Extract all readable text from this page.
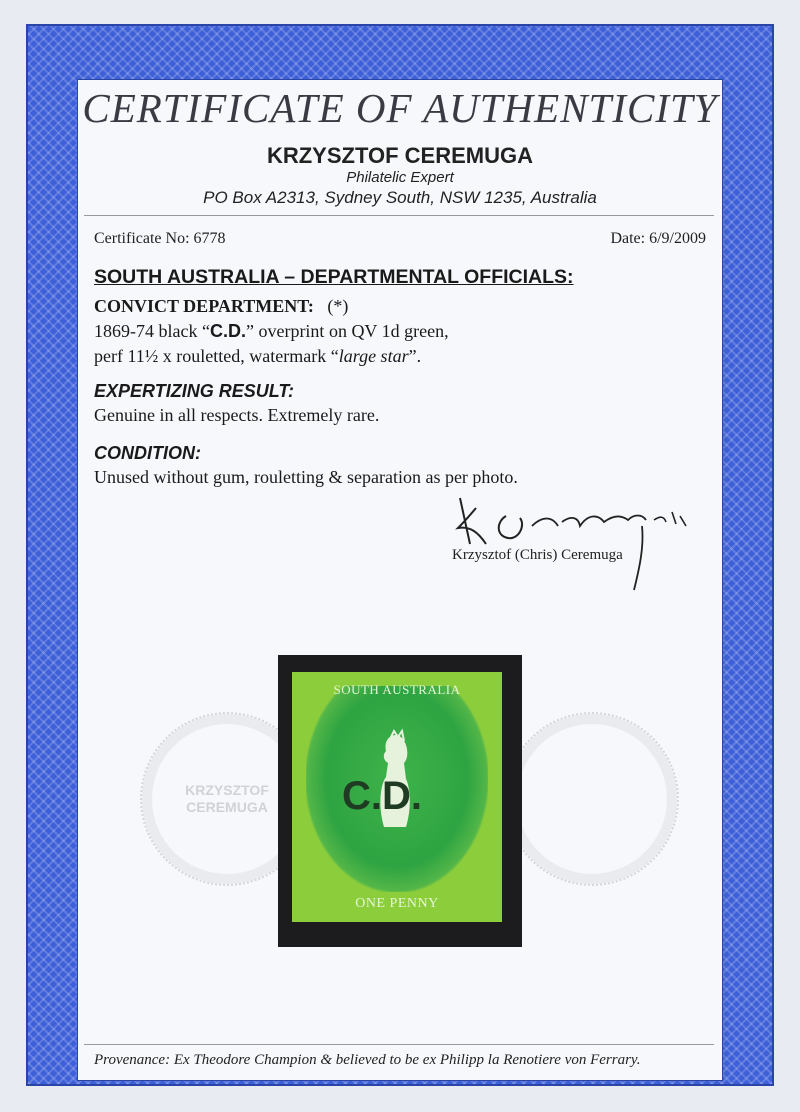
CERTIFICATE OF AUTHENTICITY
KRZYSZTOF CEREMUGA
Philatelic Expert
PO Box A2313, Sydney South, NSW 1235, Australia
Certificate No: 6778	Date: 6/9/2009
SOUTH AUSTRALIA – DEPARTMENTAL OFFICIALS:
CONVICT DEPARTMENT: (*)
1869-74 black “C.D.” overprint on QV 1d green,
perf 11½ x rouletted, watermark “large star”.
EXPERTIZING RESULT:
Genuine in all respects. Extremely rare.
CONDITION:
Unused without gum, rouletting & separation as per photo.
Krzysztof (Chris) Ceremuga
KRZYSZTOF
CEREMUGA
SOUTH AUSTRALIA
C.D.
ONE PENNY
Provenance: Ex Theodore Champion & believed to be ex Philipp la Renotiere von Ferrary.
